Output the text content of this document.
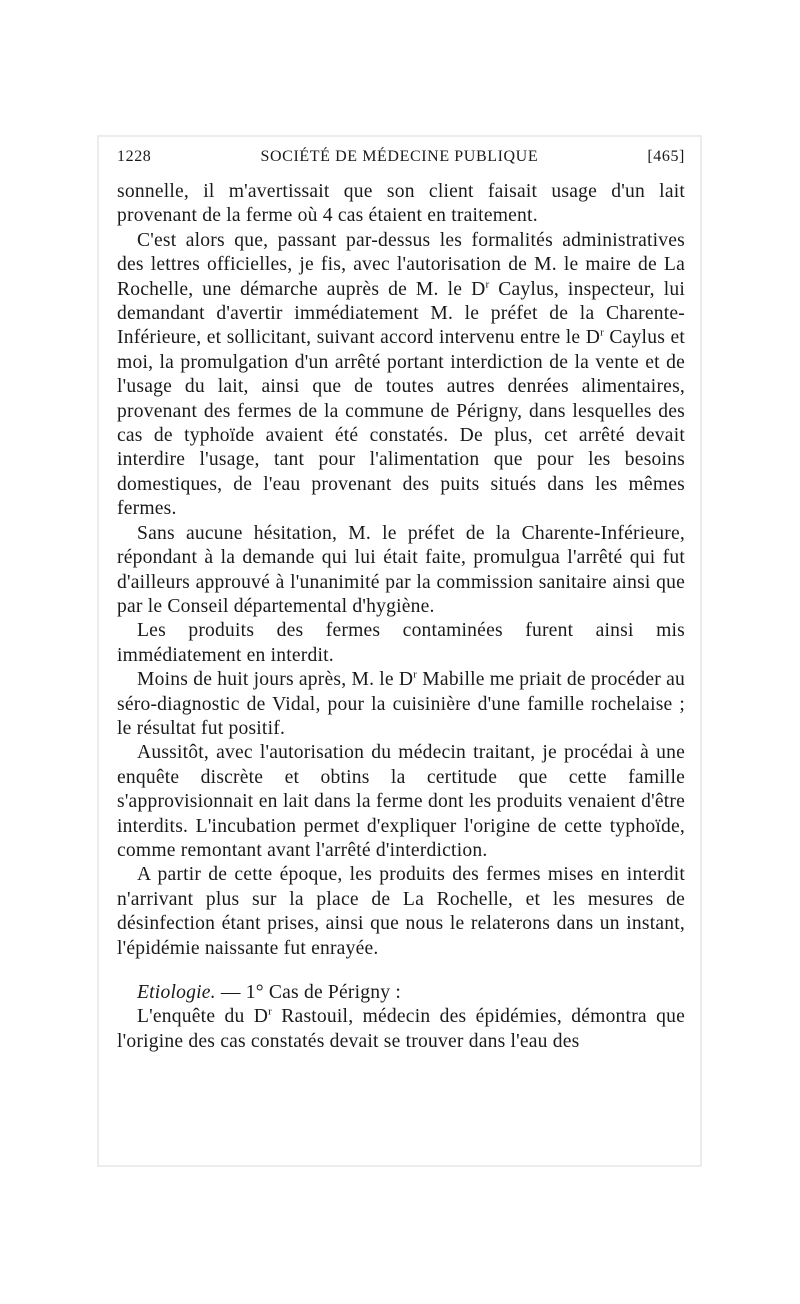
1228	SOCIÉTÉ DE MÉDECINE PUBLIQUE	[465]

sonnelle, il m'avertissait que son client faisait usage d'un lait provenant de la ferme où 4 cas étaient en traitement.

C'est alors que, passant par-dessus les formalités administratives des lettres officielles, je fis, avec l'autorisation de M. le maire de La Rochelle, une démarche auprès de M. le $D^r$ Caylus, inspecteur, lui demandant d'avertir immédiatement M. le préfet de la Charente-Inférieure, et sollicitant, suivant accord intervenu entre le $D^r$ Caylus et moi, la promulgation d'un arrêté portant interdiction de la vente et de l'usage du lait, ainsi que de toutes autres denrées alimentaires, provenant des fermes de la commune de Périgny, dans lesquelles des cas de typhoïde avaient été constatés. De plus, cet arrêté devait interdire l'usage, tant pour l'alimentation que pour les besoins domestiques, de l'eau provenant des puits situés dans les mêmes fermes.

Sans aucune hésitation, M. le préfet de la Charente-Inférieure, répondant à la demande qui lui était faite, promulgua l'arrêté qui fut d'ailleurs approuvé à l'unanimité par la commission sanitaire ainsi que par le Conseil départemental d'hygiène.

Les produits des fermes contaminées furent ainsi mis immédiatement en interdit.

Moins de huit jours après, M. le $D^r$ Mabille me priait de procéder au séro-diagnostic de Vidal, pour la cuisinière d'une famille rochelaise ; le résultat fut positif.

Aussitôt, avec l'autorisation du médecin traitant, je procédai à une enquête discrète et obtins la certitude que cette famille s'approvisionnait en lait dans la ferme dont les produits venaient d'être interdits. L'incubation permet d'expliquer l'origine de cette typhoïde, comme remontant avant l'arrêté d'interdiction.

A partir de cette époque, les produits des fermes mises en interdit n'arrivant plus sur la place de La Rochelle, et les mesures de désinfection étant prises, ainsi que nous le relaterons dans un instant, l'épidémie naissante fut enrayée.

Etiologie. — 1° Cas de Périgny :

L'enquête du $D^r$ Rastouil, médecin des épidémies, démontra que l'origine des cas constatés devait se trouver dans l'eau des
